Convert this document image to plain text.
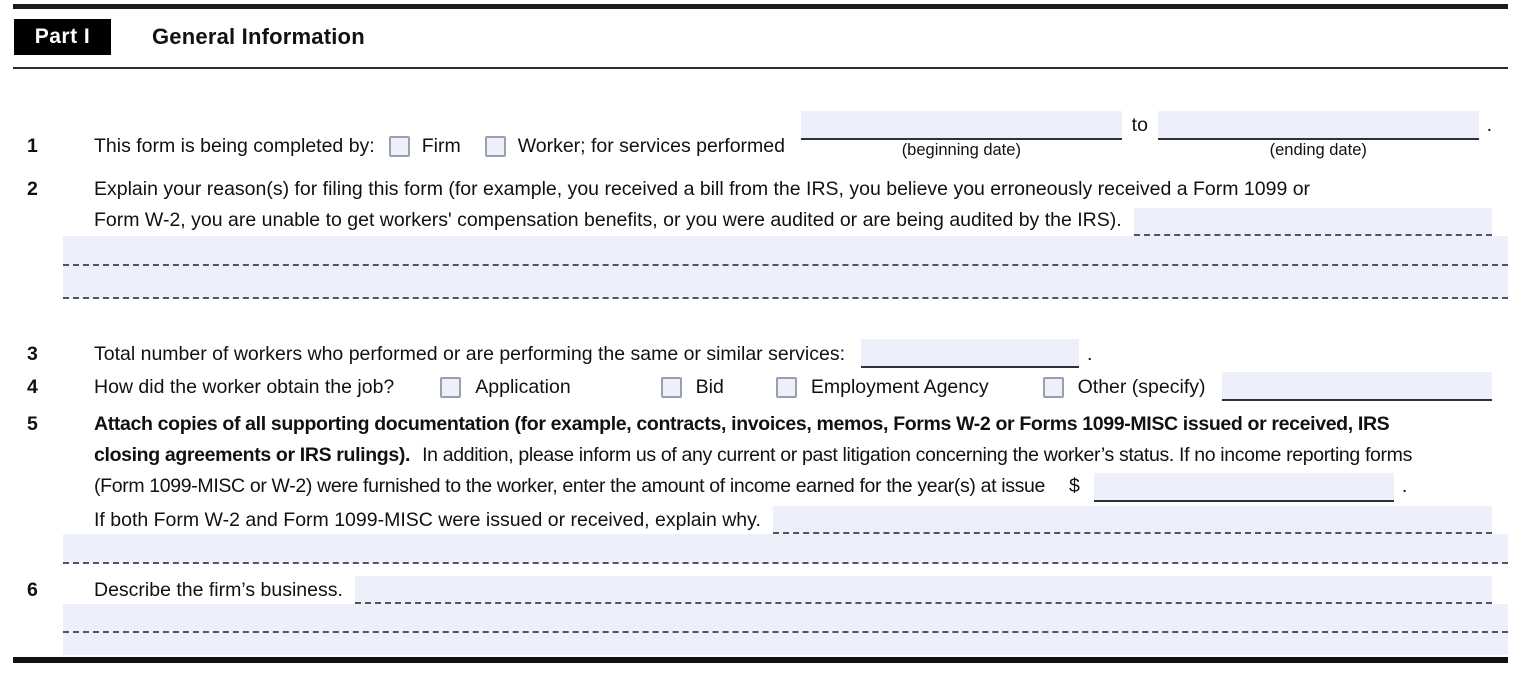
Part I	General Information
1	This form is being completed by: Firm	Worker; for services performed	(beginning date)
to
(ending date)
.
2	Explain your reason(s) for filing this form (for example, you received a bill from the IRS, you believe you erroneously received a Form 1099 or
Form W-2, you are unable to get workers' compensation benefits, or you were audited or are being audited by the IRS).
3	Total number of workers who performed or are performing the same or similar services:	.
4	How did the worker obtain the job?	Application	Bid	Employment Agency	Other (specify)
5	Attach copies of all supporting documentation (for example, contracts, invoices, memos, Forms W-2 or Forms 1099-MISC issued or received, IRS
closing agreements or IRS rulings). In addition, please inform us of any current or past litigation concerning the worker’s status. If no income reporting forms
(Form 1099-MISC or W-2) were furnished to the worker, enter the amount of income earned for the year(s) at issue $	.
If both Form W-2 and Form 1099-MISC were issued or received, explain why.
6	Describe the firm’s business.
